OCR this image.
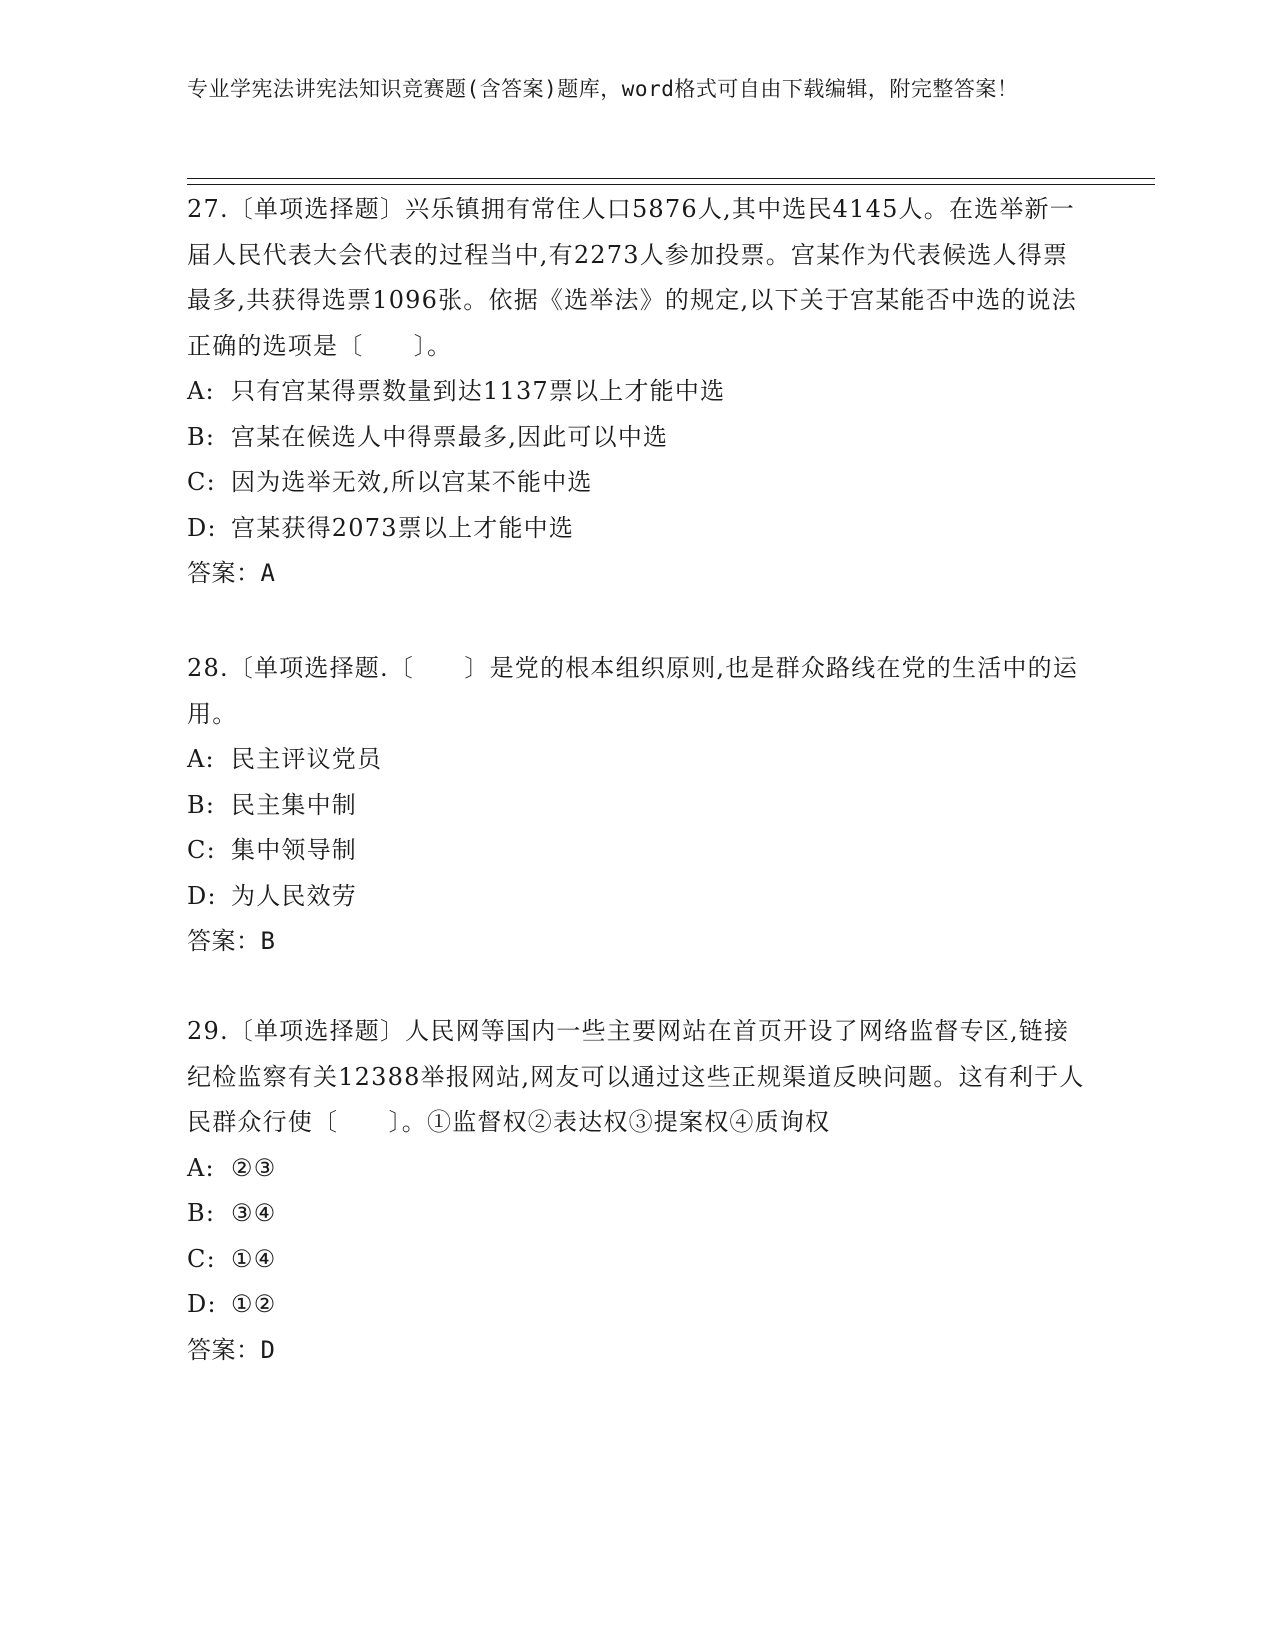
专业学宪法讲宪法知识竞赛题(含答案)题库，word格式可自由下载编辑，附完整答案！

27.〔单项选择题〕兴乐镇拥有常住人口5876人,其中选民4145人。在选举新一届人民代表大会代表的过程当中,有2273人参加投票。宫某作为代表候选人得票最多,共获得选票1096张。依据《选举法》的规定,以下关于宫某能否中选的说法正确的选项是〔　　〕。

A: 只有宫某得票数量到达1137票以上才能中选

B: 宫某在候选人中得票最多,因此可以中选

C: 因为选举无效,所以宫某不能中选

D: 宫某获得2073票以上才能中选

答案：A

28.〔单项选择题.〔　　〕是党的根本组织原则,也是群众路线在党的生活中的运用。

A: 民主评议党员

B: 民主集中制

C: 集中领导制

D: 为人民效劳

答案：B

29.〔单项选择题〕人民网等国内一些主要网站在首页开设了网络监督专区,链接纪检监察有关12388举报网站,网友可以通过这些正规渠道反映问题。这有利于人民群众行使〔　　〕。①监督权②表达权③提案权④质询权

A: ②③

B: ③④

C: ①④

D: ①②

答案：D
